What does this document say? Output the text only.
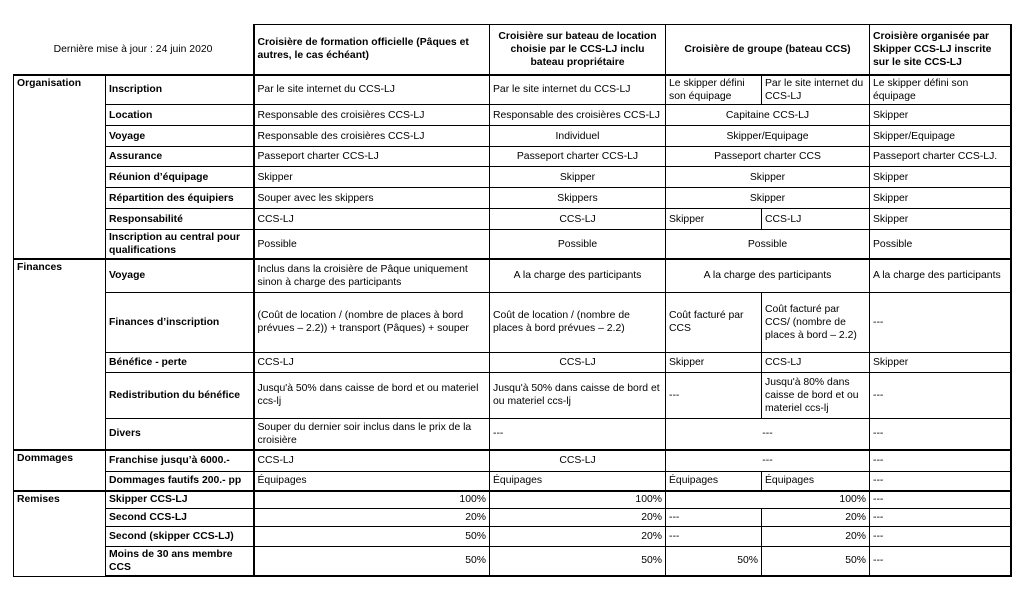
Dernière mise à jour : 24 juin 2020		Croisière de formation officielle (Pâques et autres, le cas échéant)	Croisière sur bateau de location choisie par le CCS-LJ inclu bateau propriétaire	Croisière de groupe (bateau CCS)		Croisière organisée par Skipper CCS-LJ inscrite sur le site CCS-LJ
Organisation	Inscription	Par le site internet du CCS-LJ	Par le site internet du CCS-LJ	Le skipper défini son équipage	Par le site internet du CCS-LJ	Le skipper défini son équipage
	Location	Responsable des croisières CCS-LJ	Responsable des croisières CCS-LJ	Capitaine CCS-LJ		Skipper
	Voyage	Responsable des croisières CCS-LJ	Individuel	Skipper/Equipage		Skipper/Equipage
	Assurance	Passeport charter CCS-LJ	Passeport charter CCS-LJ	Passeport charter CCS		Passeport charter CCS-LJ.
	Réunion d’équipage	Skipper	Skipper	Skipper		Skipper
	Répartition des équipiers	Souper avec les skippers	Skippers	Skipper		Skipper
	Responsabilité	CCS-LJ	CCS-LJ	Skipper	CCS-LJ	Skipper
	Inscription au central pour qualifications	Possible	Possible	Possible		Possible
Finances	Voyage	Inclus dans la croisière de Pâque uniquement sinon à charge des participants	A la charge des participants	A la charge des participants		A la charge des participants
	Finances d’inscription	(Coût de location / (nombre de places à bord prévues – 2.2)) + transport (Pâques) + souper	Coût de location / (nombre de places à bord prévues – 2.2)	Coût facturé par CCS	Coût facturé par CCS/ (nombre de places à bord – 2.2)	---
	Bénéfice - perte	CCS-LJ	CCS-LJ	Skipper	CCS-LJ	Skipper
	Redistribution du bénéfice	Jusqu'à 50% dans caisse de bord et ou materiel ccs-lj	Jusqu'à 50% dans caisse de bord et ou materiel ccs-lj	---	Jusqu'à 80% dans caisse de bord et ou materiel ccs-lj	---
	Divers	Souper du dernier soir inclus dans le prix de la croisière	---	---		---
Dommages	Franchise jusqu’à 6000.-	CCS-LJ	CCS-LJ	---		---
	Dommages fautifs 200.- pp	Équipages	Équipages	Équipages	Équipages	---
Remises	Skipper CCS-LJ	100%	100%	100%		---
	Second CCS-LJ	20%	20%	---	20%	---
	Second (skipper CCS-LJ)	50%	20%	---	20%	---
	Moins de 30 ans membre CCS	50%	50%	50%	50%	---
